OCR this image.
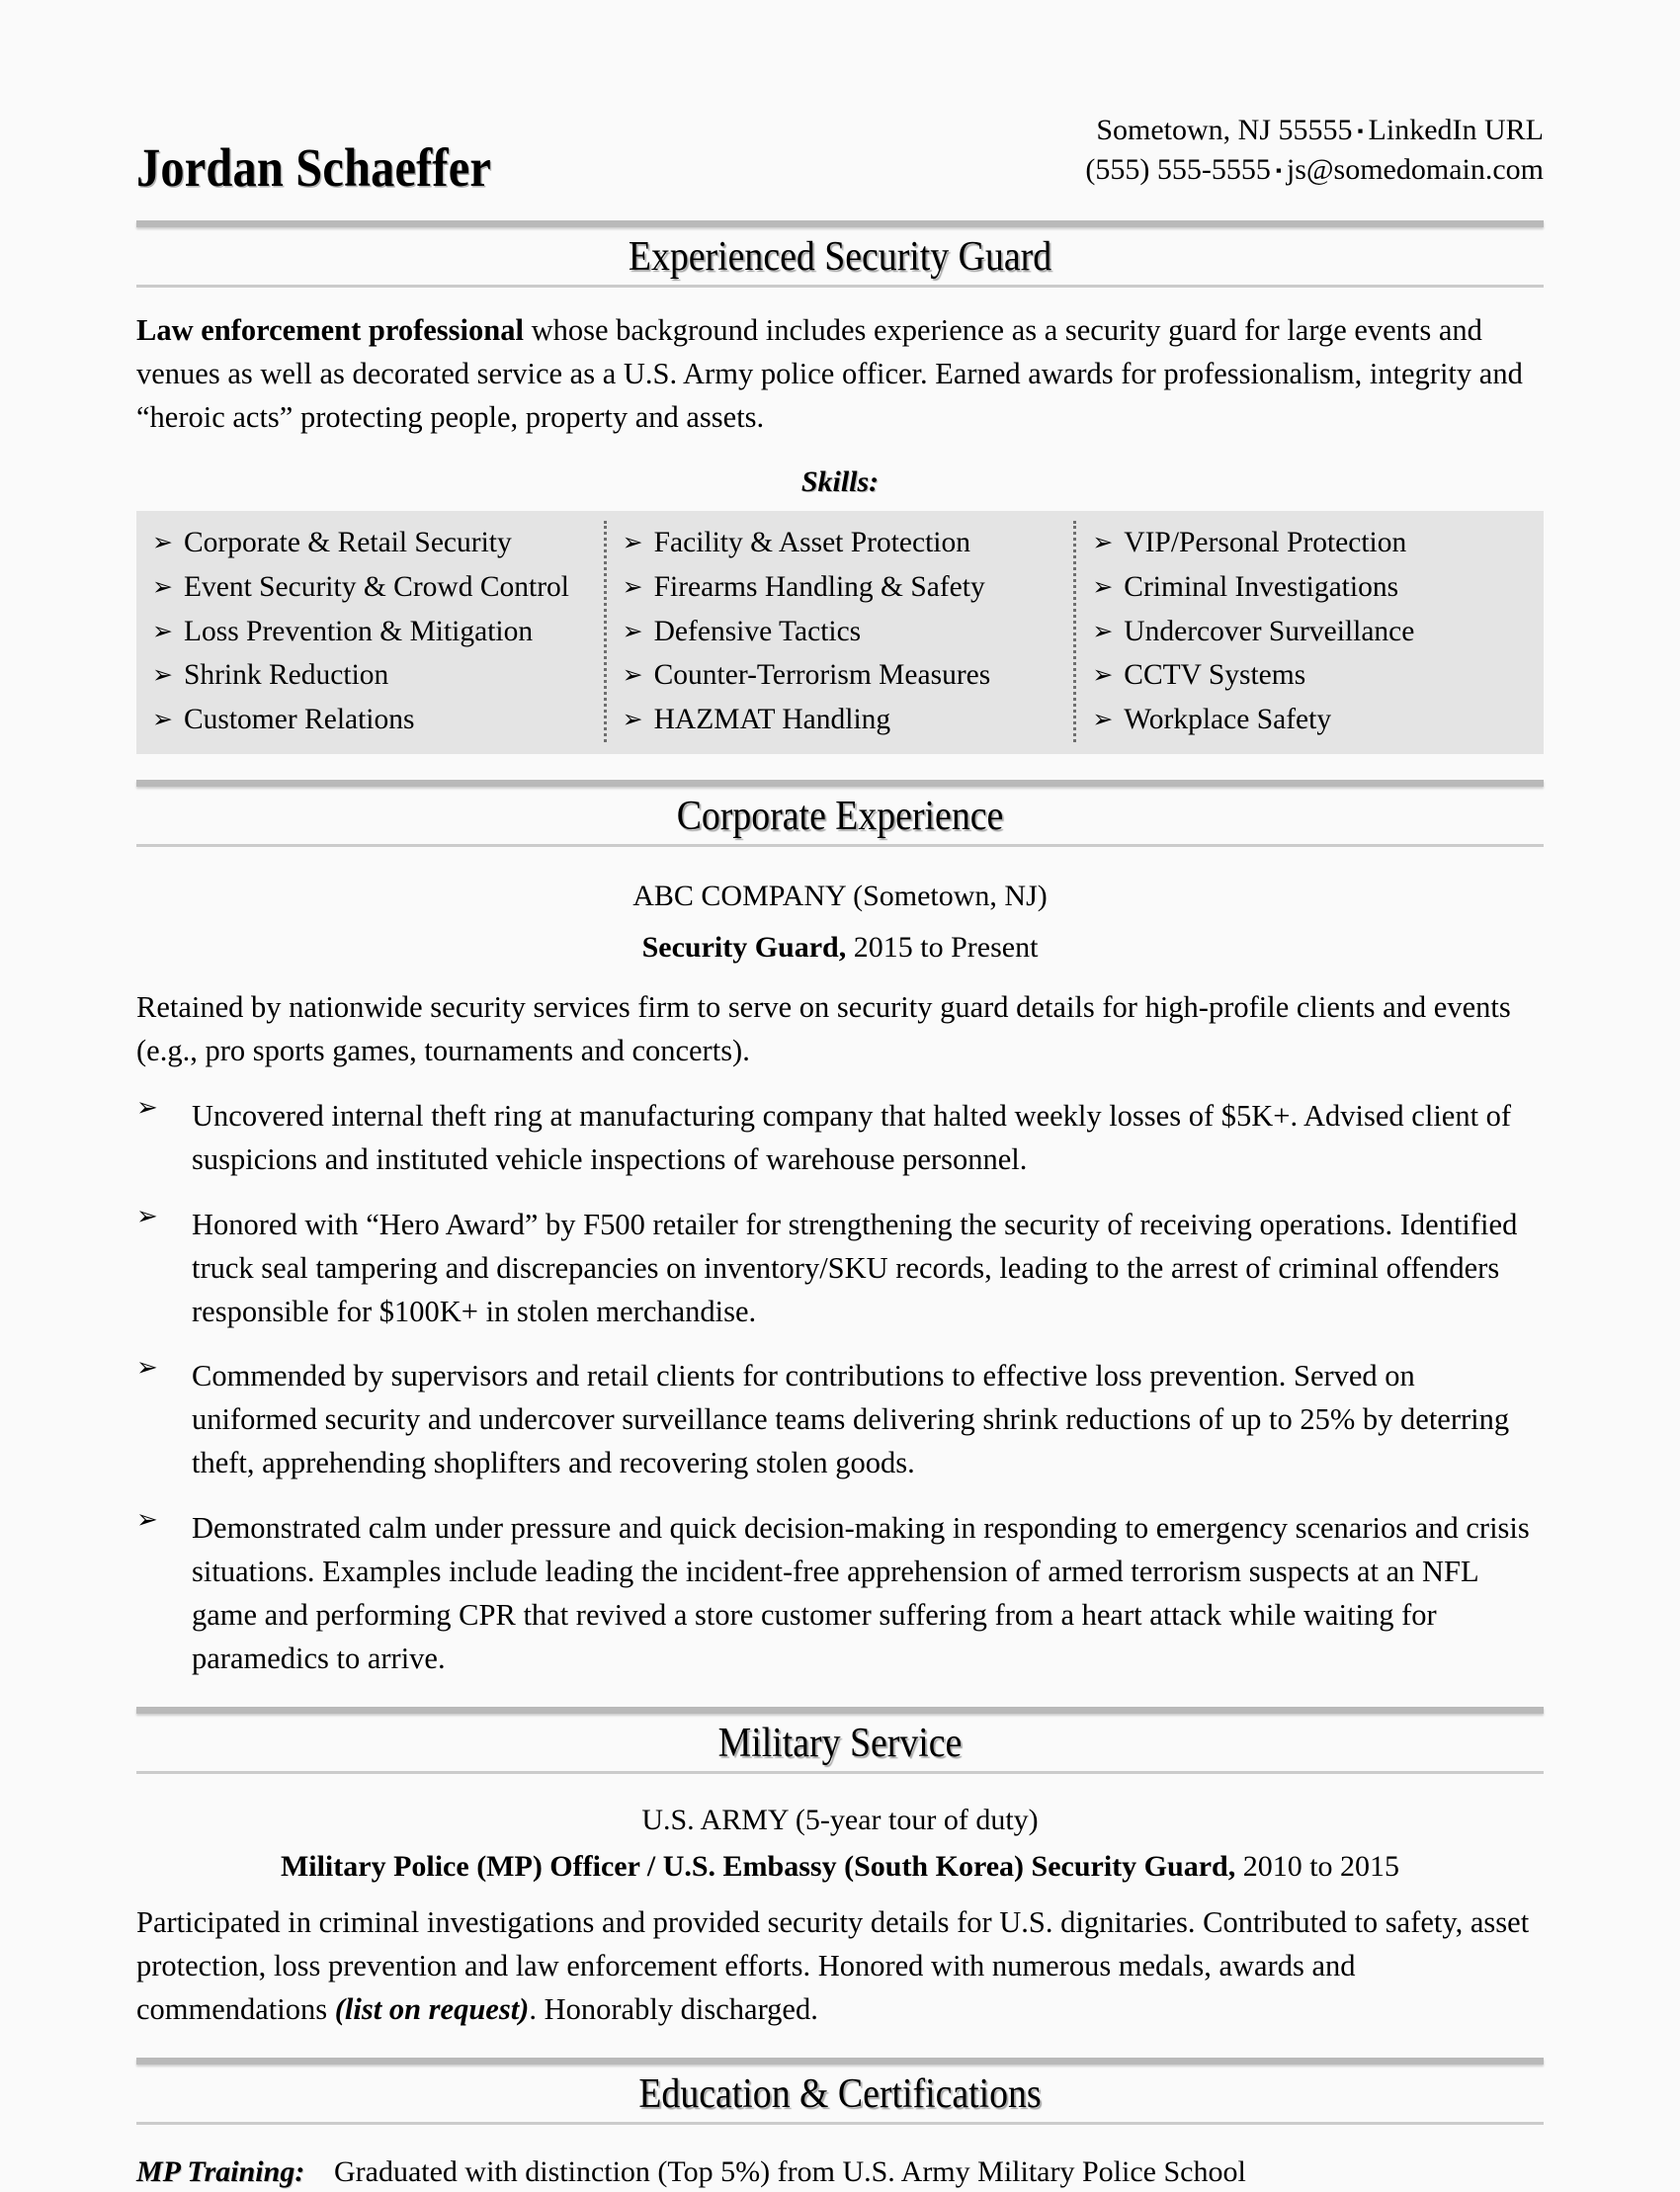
Jordan Schaeffer
Sometown, NJ 55555 ▪ LinkedIn URL
(555) 555-5555 ▪ js@somedomain.com
Experienced Security Guard
Law enforcement professional whose background includes experience as a security guard for large events and venues as well as decorated service as a U.S. Army police officer. Earned awards for professionalism, integrity and “heroic acts” protecting people, property and assets.
Skills:
➢ Corporate & Retail Security
➢ Event Security & Crowd Control
➢ Loss Prevention & Mitigation
➢ Shrink Reduction
➢ Customer Relations
➢ Facility & Asset Protection
➢ Firearms Handling & Safety
➢ Defensive Tactics
➢ Counter-Terrorism Measures
➢ HAZMAT Handling
➢ VIP/Personal Protection
➢ Criminal Investigations
➢ Undercover Surveillance
➢ CCTV Systems
➢ Workplace Safety
Corporate Experience
ABC COMPANY (Sometown, NJ)
Security Guard, 2015 to Present
Retained by nationwide security services firm to serve on security guard details for high-profile clients and events (e.g., pro sports games, tournaments and concerts).
➢	Uncovered internal theft ring at manufacturing company that halted weekly losses of $5K+. Advised client of suspicions and instituted vehicle inspections of warehouse personnel.
➢	Honored with “Hero Award” by F500 retailer for strengthening the security of receiving operations. Identified truck seal tampering and discrepancies on inventory/SKU records, leading to the arrest of criminal offenders responsible for $100K+ in stolen merchandise.
➢	Commended by supervisors and retail clients for contributions to effective loss prevention. Served on uniformed security and undercover surveillance teams delivering shrink reductions of up to 25% by deterring theft, apprehending shoplifters and recovering stolen goods.
➢	Demonstrated calm under pressure and quick decision-making in responding to emergency scenarios and crisis situations. Examples include leading the incident-free apprehension of armed terrorism suspects at an NFL game and performing CPR that revived a store customer suffering from a heart attack while waiting for paramedics to arrive.
Military Service
U.S. ARMY (5-year tour of duty)
Military Police (MP) Officer / U.S. Embassy (South Korea) Security Guard, 2010 to 2015
Participated in criminal investigations and provided security details for U.S. dignitaries. Contributed to safety, asset protection, loss prevention and law enforcement efforts. Honored with numerous medals, awards and commendations (list on request). Honorably discharged.
Education & Certifications
MP Training: Graduated with distinction (Top 5%) from U.S. Army Military Police School
